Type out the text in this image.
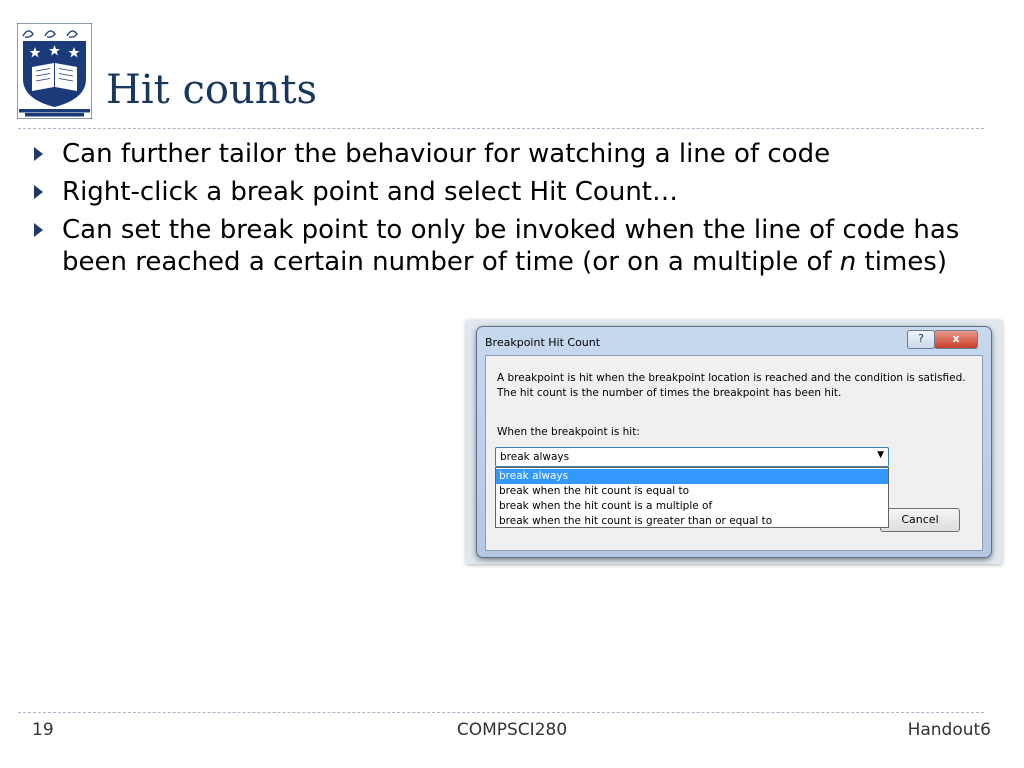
Hit counts
Can further tailor the behaviour for watching a line of code
Right-click a break point and select Hit Count…
Can set the break point to only be invoked when the line of code has been reached a certain number of time (or on a multiple of n times)
Breakpoint Hit Count	?	x
A breakpoint is hit when the breakpoint location is reached and the condition is satisfied. The hit count is the number of times the breakpoint has been hit.
When the breakpoint is hit:
break always	▼
Cancel
break always
break when the hit count is equal to
break when the hit count is a multiple of
break when the hit count is greater than or equal to
19	COMPSCI280	Handout6
